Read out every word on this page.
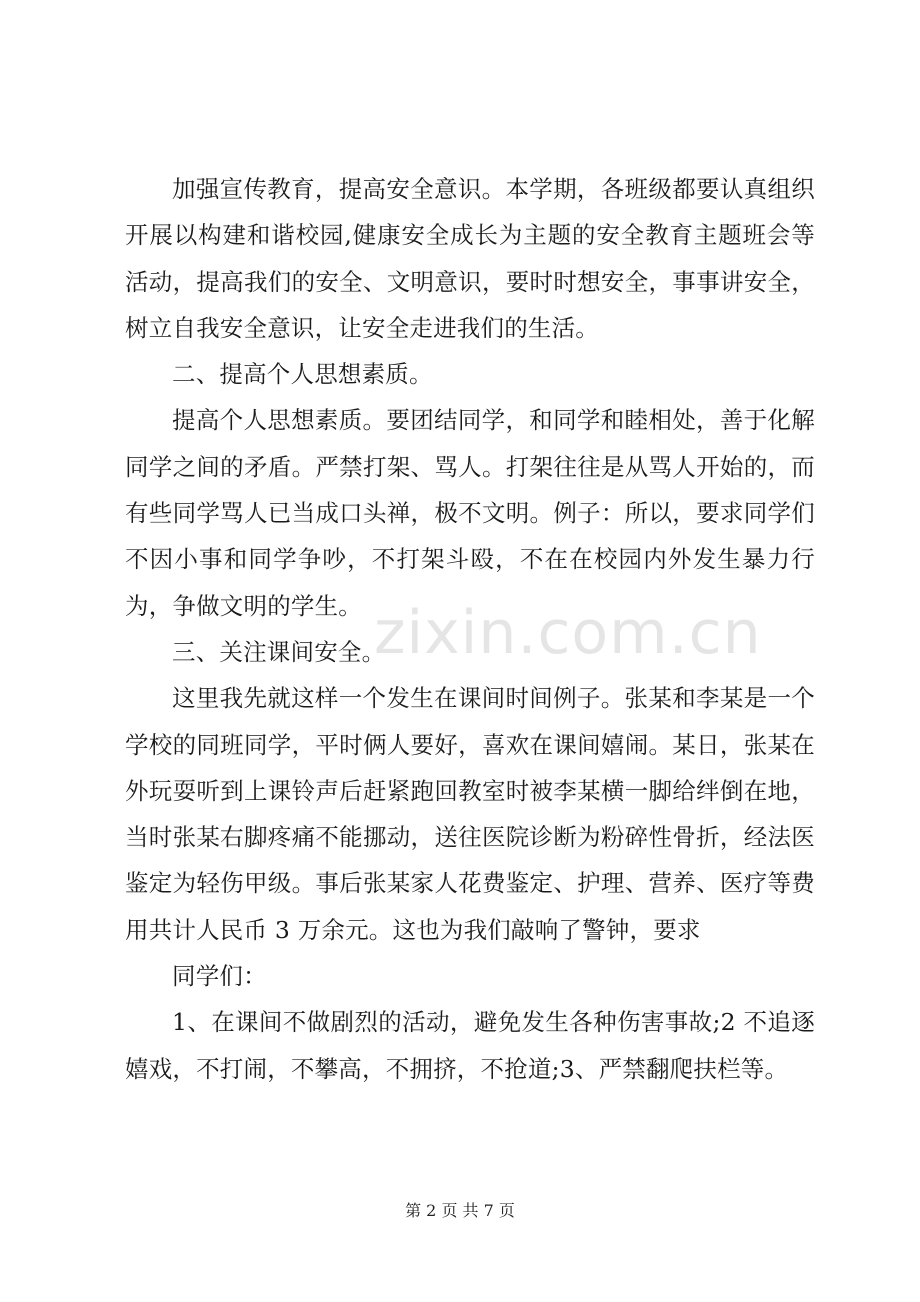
加强宣传教育，提高安全意识。本学期，各班级都要认真组织开展以构建和谐校园,健康安全成长为主题的安全教育主题班会等活动，提高我们的安全、文明意识，要时时想安全，事事讲安全，树立自我安全意识，让安全走进我们的生活。

二、提高个人思想素质。

提高个人思想素质。要团结同学，和同学和睦相处，善于化解同学之间的矛盾。严禁打架、骂人。打架往往是从骂人开始的，而有些同学骂人已当成口头禅，极不文明。例子：所以，要求同学们不因小事和同学争吵，不打架斗殴，不在在校园内外发生暴力行为，争做文明的学生。

三、关注课间安全。

这里我先就这样一个发生在课间时间例子。张某和李某是一个学校的同班同学，平时俩人要好，喜欢在课间嬉闹。某日，张某在外玩耍听到上课铃声后赶紧跑回教室时被李某横一脚给绊倒在地，当时张某右脚疼痛不能挪动，送往医院诊断为粉碎性骨折，经法医鉴定为轻伤甲级。事后张某家人花费鉴定、护理、营养、医疗等费用共计人民币 3 万余元。这也为我们敲响了警钟，要求

同学们：

1、在课间不做剧烈的活动，避免发生各种伤害事故;2 不追逐嬉戏，不打闹，不攀高，不拥挤，不抢道;3、严禁翻爬扶栏等。

zixin.com.cn
第 2 页 共 7 页
